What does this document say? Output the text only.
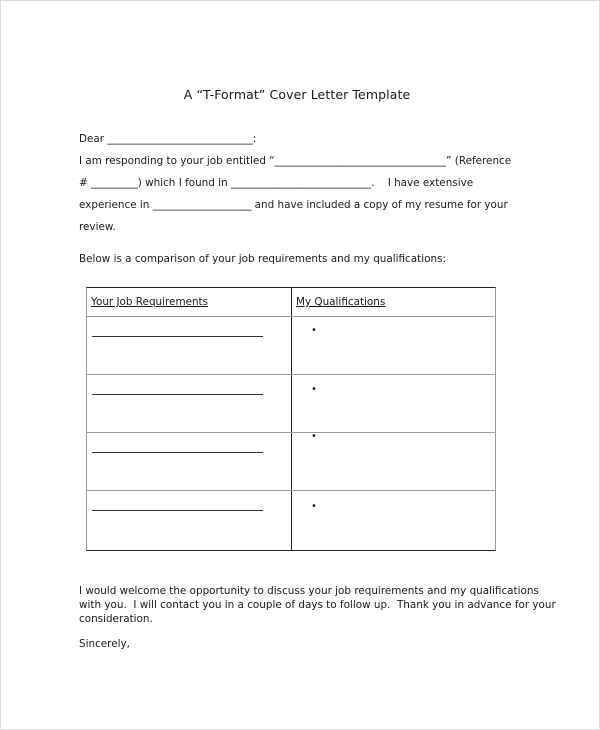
A “T-Format” Cover Letter Template
Dear ____________________________:
I am responding to your job entitled “_________________________________” (Reference
# _________) which I found in ___________________________.    I have extensive
experience in ___________________ and have included a copy of my resume for your
review.
Below is a comparison of your job requirements and my qualifications:
Your Job Requirements	My Qualifications
•
•
•
•
I would welcome the opportunity to discuss your job requirements and my qualifications
with you.  I will contact you in a couple of days to follow up.  Thank you in advance for your
consideration.
Sincerely,
